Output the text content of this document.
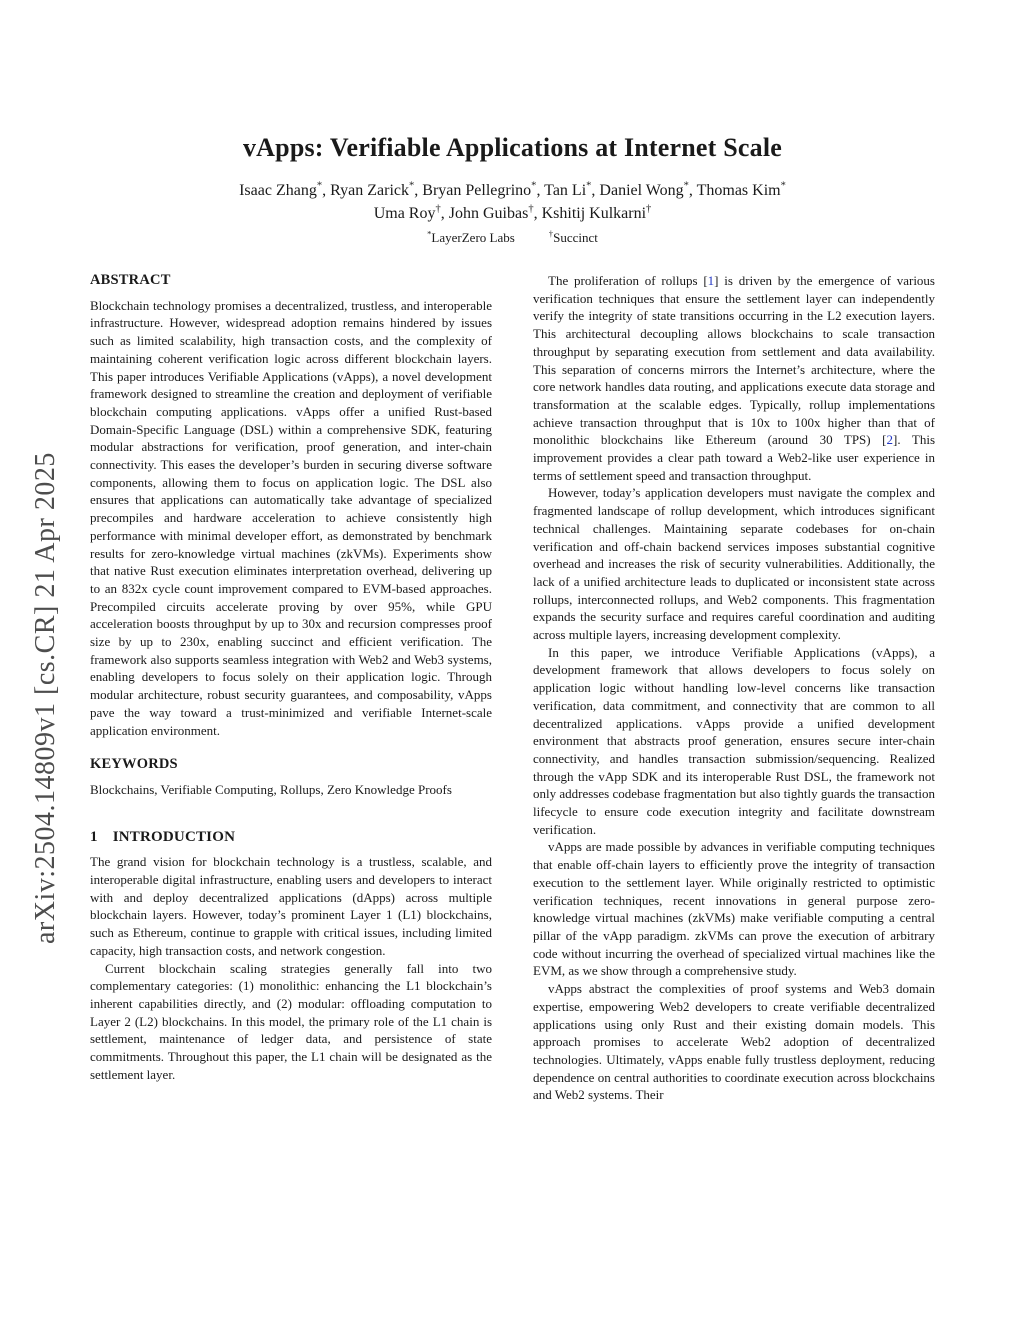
arXiv:2504.14809v1 [cs.CR] 21 Apr 2025
vApps: Verifiable Applications at Internet Scale
Isaac Zhang*, Ryan Zarick*, Bryan Pellegrino*, Tan Li*, Daniel Wong*, Thomas Kim*
Uma Roy†, John Guibas†, Kshitij Kulkarni†
*LayerZero Labs	†Succinct
ABSTRACT

Blockchain technology promises a decentralized, trustless, and interoperable infrastructure. However, widespread adoption remains hindered by issues such as limited scalability, high transaction costs, and the complexity of maintaining coherent verification logic across different blockchain layers. This paper introduces Verifiable Applications (vApps), a novel development framework designed to streamline the creation and deployment of verifiable blockchain computing applications. vApps offer a unified Rust-based Domain-Specific Language (DSL) within a comprehensive SDK, featuring modular abstractions for verification, proof generation, and inter-chain connectivity. This eases the developer’s burden in securing diverse software components, allowing them to focus on application logic. The DSL also ensures that applications can automatically take advantage of specialized precompiles and hardware acceleration to achieve consistently high performance with minimal developer effort, as demonstrated by benchmark results for zero-knowledge virtual machines (zkVMs). Experiments show that native Rust execution eliminates interpretation overhead, delivering up to an 832x cycle count improvement compared to EVM-based approaches. Precompiled circuits accelerate proving by over 95%, while GPU acceleration boosts throughput by up to 30x and recursion compresses proof size by up to 230x, enabling succinct and efficient verification. The framework also supports seamless integration with Web2 and Web3 systems, enabling developers to focus solely on their application logic. Through modular architecture, robust security guarantees, and composability, vApps pave the way toward a trust-minimized and verifiable Internet-scale application environment.

KEYWORDS

Blockchains, Verifiable Computing, Rollups, Zero Knowledge Proofs

1 INTRODUCTION

The grand vision for blockchain technology is a trustless, scalable, and interoperable digital infrastructure, enabling users and developers to interact with and deploy decentralized applications (dApps) across multiple blockchain layers. However, today’s prominent Layer 1 (L1) blockchains, such as Ethereum, continue to grapple with critical issues, including limited capacity, high transaction costs, and network congestion.

Current blockchain scaling strategies generally fall into two complementary categories: (1) monolithic: enhancing the L1 blockchain’s inherent capabilities directly, and (2) modular: offloading computation to Layer 2 (L2) blockchains. In this model, the primary role of the L1 chain is settlement, maintenance of ledger data, and persistence of state commitments. Throughout this paper, the L1 chain will be designated as the settlement layer.

The proliferation of rollups [1] is driven by the emergence of various verification techniques that ensure the settlement layer can independently verify the integrity of state transitions occurring in the L2 execution layers. This architectural decoupling allows blockchains to scale transaction throughput by separating execution from settlement and data availability. This separation of concerns mirrors the Internet’s architecture, where the core network handles data routing, and applications execute data storage and transformation at the scalable edges. Typically, rollup implementations achieve transaction throughput that is 10x to 100x higher than that of monolithic blockchains like Ethereum (around 30 TPS) [2]. This improvement provides a clear path toward a Web2-like user experience in terms of settlement speed and transaction throughput.

However, today’s application developers must navigate the complex and fragmented landscape of rollup development, which introduces significant technical challenges. Maintaining separate codebases for on-chain verification and off-chain backend services imposes substantial cognitive overhead and increases the risk of security vulnerabilities. Additionally, the lack of a unified architecture leads to duplicated or inconsistent state across rollups, interconnected rollups, and Web2 components. This fragmentation expands the security surface and requires careful coordination and auditing across multiple layers, increasing development complexity.

In this paper, we introduce Verifiable Applications (vApps), a development framework that allows developers to focus solely on application logic without handling low-level concerns like transaction verification, data commitment, and connectivity that are common to all decentralized applications. vApps provide a unified development environment that abstracts proof generation, ensures secure inter-chain connectivity, and handles transaction submission/sequencing. Realized through the vApp SDK and its interoperable Rust DSL, the framework not only addresses codebase fragmentation but also tightly guards the transaction lifecycle to ensure code execution integrity and facilitate downstream verification.

vApps are made possible by advances in verifiable computing techniques that enable off-chain layers to efficiently prove the integrity of transaction execution to the settlement layer. While originally restricted to optimistic verification techniques, recent innovations in general purpose zero-knowledge virtual machines (zkVMs) make verifiable computing a central pillar of the vApp paradigm. zkVMs can prove the execution of arbitrary code without incurring the overhead of specialized virtual machines like the EVM, as we show through a comprehensive study.

vApps abstract the complexities of proof systems and Web3 domain expertise, empowering Web2 developers to create verifiable decentralized applications using only Rust and their existing domain models. This approach promises to accelerate Web2 adoption of decentralized technologies. Ultimately, vApps enable fully trustless deployment, reducing dependence on central authorities to coordinate execution across blockchains and Web2 systems. Their
